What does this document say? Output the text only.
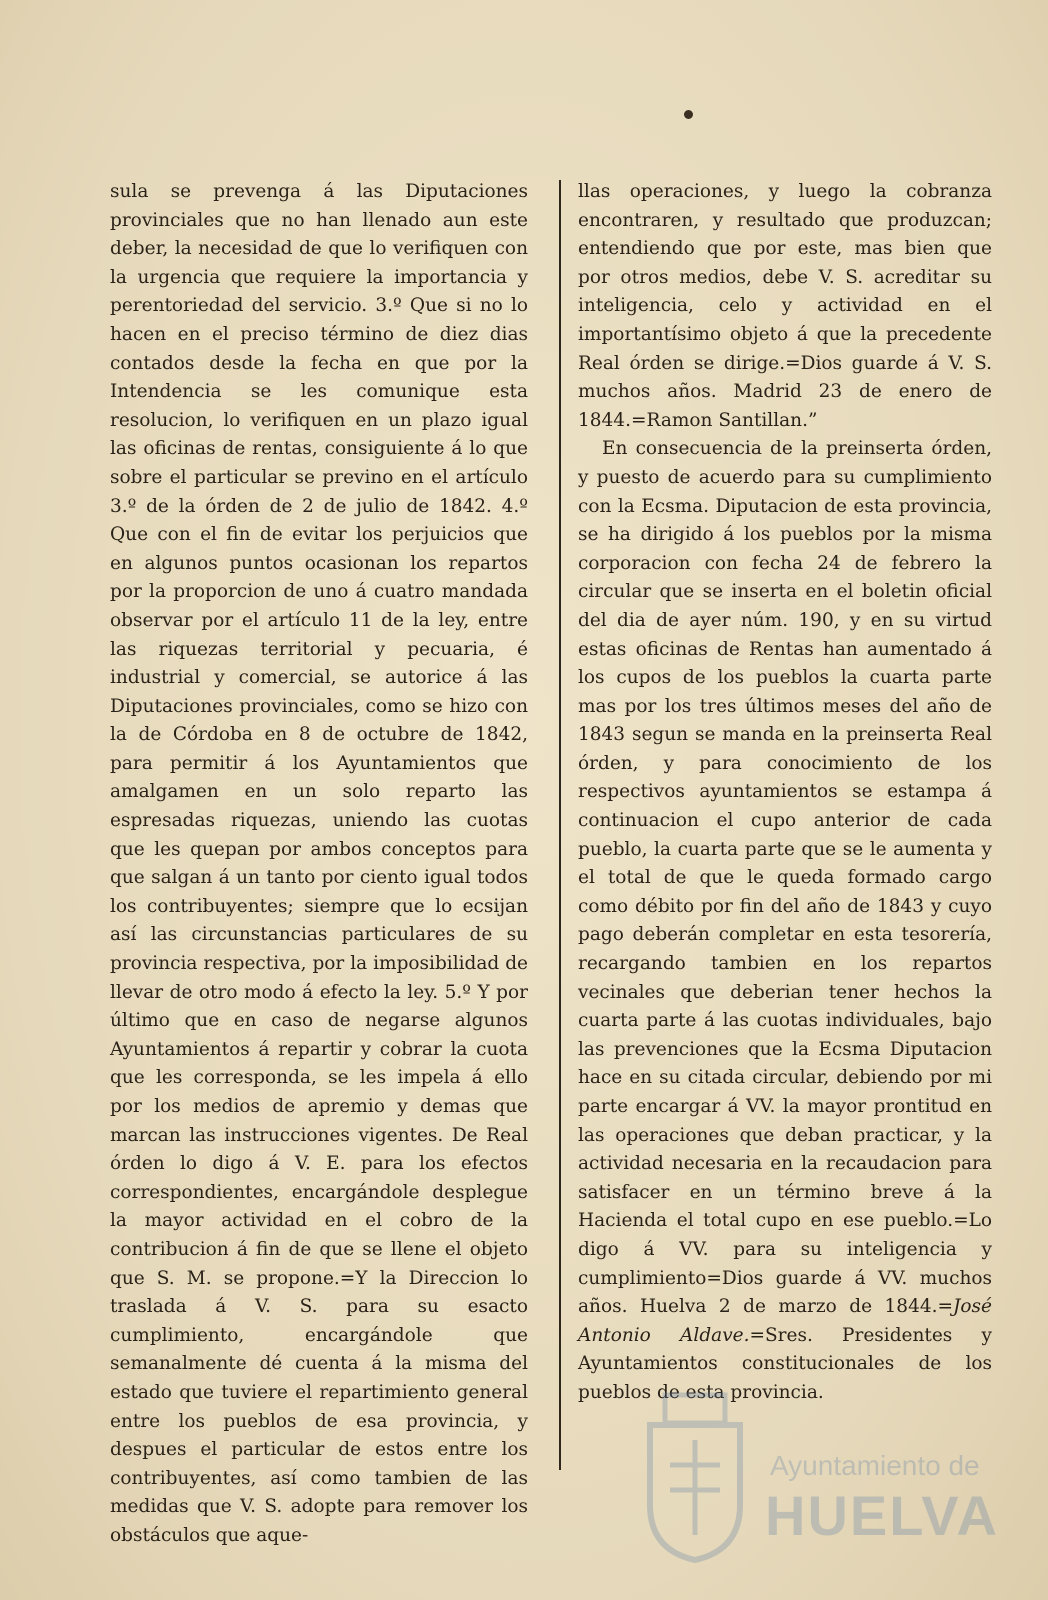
sula se prevenga á las Diputaciones provinciales que no han llenado aun este deber, la necesidad de que lo verifiquen con la urgencia que requiere la importancia y perentoriedad del servicio. 3.º Que si no lo hacen en el preciso término de diez dias contados desde la fecha en que por la Intendencia se les comunique esta resolucion, lo verifiquen en un plazo igual las oficinas de rentas, consiguiente á lo que sobre el particular se previno en el artículo 3.º de la órden de 2 de julio de 1842. 4.º Que con el fin de evitar los perjuicios que en algunos puntos ocasionan los repartos por la proporcion de uno á cuatro mandada observar por el artículo 11 de la ley, entre las riquezas territorial y pecuaria, é industrial y comercial, se autorice á las Diputaciones provinciales, como se hizo con la de Córdoba en 8 de octubre de 1842, para permitir á los Ayuntamientos que amalgamen en un solo reparto las espresadas riquezas, uniendo las cuotas que les quepan por ambos conceptos para que salgan á un tanto por ciento igual todos los contribuyentes; siempre que lo ecsijan así las circunstancias particulares de su provincia respectiva, por la imposibilidad de llevar de otro modo á efecto la ley. 5.º Y por último que en caso de negarse algunos Ayuntamientos á repartir y cobrar la cuota que les corresponda, se les impela á ello por los medios de apremio y demas que marcan las instrucciones vigentes. De Real órden lo digo á V. E. para los efectos correspondientes, encargándole desplegue la mayor actividad en el cobro de la contribucion á fin de que se llene el objeto que S. M. se propone.=Y la Direccion lo traslada á V. S. para su esacto cumplimiento, encargándole que semanalmente dé cuenta á la misma del estado que tuviere el repartimiento general entre los pueblos de esa provincia, y despues el particular de estos entre los contribuyentes, así como tambien de las medidas que V. S. adopte para remover los obstáculos que aque-

llas operaciones, y luego la cobranza encontraren, y resultado que produzcan; entendiendo que por este, mas bien que por otros medios, debe V. S. acreditar su inteligencia, celo y actividad en el importantísimo objeto á que la precedente Real órden se dirige.=Dios guarde á V. S. muchos años. Madrid 23 de enero de 1844.=Ramon Santillan.”

En consecuencia de la preinserta órden, y puesto de acuerdo para su cumplimiento con la Ecsma. Diputacion de esta provincia, se ha dirigido á los pueblos por la misma corporacion con fecha 24 de febrero la circular que se inserta en el boletin oficial del dia de ayer núm. 190, y en su virtud estas oficinas de Rentas han aumentado á los cupos de los pueblos la cuarta parte mas por los tres últimos meses del año de 1843 segun se manda en la preinserta Real órden, y para conocimiento de los respectivos ayuntamientos se estampa á continuacion el cupo anterior de cada pueblo, la cuarta parte que se le aumenta y el total de que le queda formado cargo como débito por fin del año de 1843 y cuyo pago deberán completar en esta tesorería, recargando tambien en los repartos vecinales que deberian tener hechos la cuarta parte á las cuotas individuales, bajo las prevenciones que la Ecsma Diputacion hace en su citada circular, debiendo por mi parte encargar á VV. la mayor prontitud en las operaciones que deban practicar, y la actividad necesaria en la recaudacion para satisfacer en un término breve á la Hacienda el total cupo en ese pueblo.=Lo digo á VV. para su inteligencia y cumplimiento=Dios guarde á VV. muchos años. Huelva 2 de marzo de 1844.=José Antonio Aldave.=Sres. Presidentes y Ayuntamientos constitucionales de los pueblos de esta provincia.

Ayuntamiento de
HUELVA
